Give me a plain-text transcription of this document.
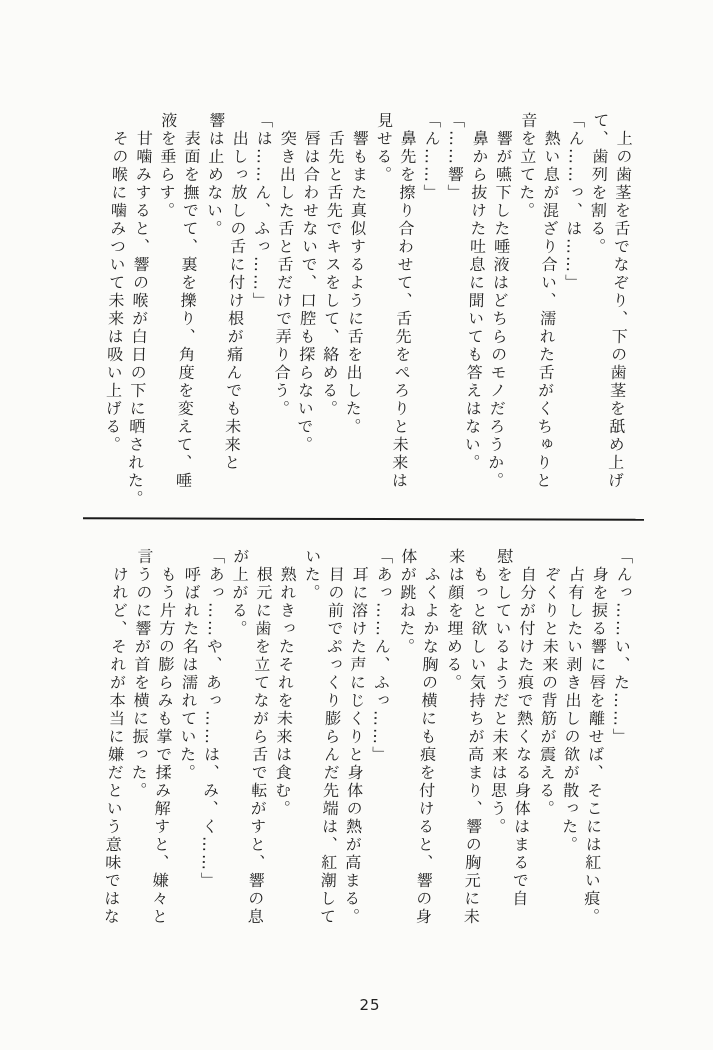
　上の歯茎を舌でなぞり、下の歯茎を舐め上げ

て、歯列を割る。

「ん……っ、は……」

　熱い息が混ざり合い、濡れた舌がくちゅりと

音を立てた。

　響が嚥下した唾液はどちらのモノだろうか。

　鼻から抜けた吐息に聞いても答えはない。

「……響」

「ん……」

　鼻先を擦り合わせて、舌先をぺろりと未来は

見せる。

　響もまた真似するように舌を出した。

　舌先と舌先でキスをして、絡める。

　唇は合わせないで、口腔も探らないで。

　突き出した舌と舌だけで弄り合う。

「は……ん、ふっ……」

　出しっ放しの舌に付け根が痛んでも未来と

響は止めない。

　表面を撫でて、裏を擽り、角度を変えて、唾

液を垂らす。

　甘噛みすると、響の喉が白日の下に晒された。

　その喉に噛みついて未来は吸い上げる。

「んっ……い、た……」

　身を捩る響に唇を離せば、そこには紅い痕。

　占有したい剥き出しの欲が散った。

　ぞくりと未来の背筋が震える。

　自分が付けた痕で熱くなる身体はまるで自

慰をしているようだと未来は思う。

　もっと欲しい気持ちが高まり、響の胸元に未

来は顔を埋める。

　ふくよかな胸の横にも痕を付けると、響の身

体が跳ねた。

「あっ……ん、ふっ……」

　耳に溶けた声にじくりと身体の熱が高まる。

　目の前でぷっくり膨らんだ先端は、紅潮して

いた。

　熟れきったそれを未来は食む。

　根元に歯を立てながら舌で転がすと、響の息

が上がる。

「あっ……や、あっ……は、み、く……」

　呼ばれた名は濡れていた。

　もう片方の膨らみも掌で揉み解すと、嫌々と

言うのに響が首を横に振った。

　けれど、それが本当に嫌だという意味ではな

25
